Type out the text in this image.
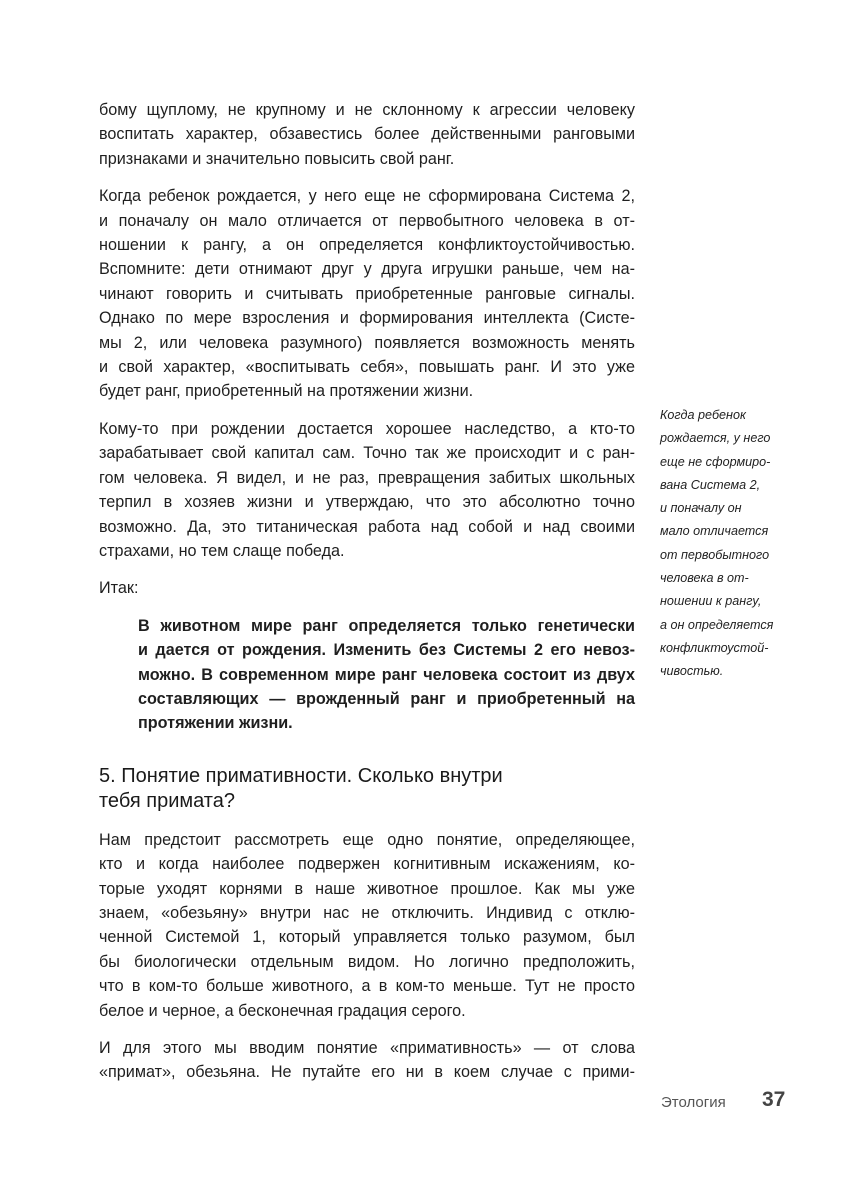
бому щуплому, не крупному и не склонному к агрессии человеку
воспитать характер, обзавестись более действенными ранговыми
признаками и значительно повысить свой ранг.

Когда ребенок рождается, у него еще не сформирована Система 2,
и поначалу он мало отличается от первобытного человека в от-
ношении к рангу, а он определяется конфликтоустойчивостью.
Вспомните: дети отнимают друг у друга игрушки раньше, чем на-
чинают говорить и считывать приобретенные ранговые сигналы.
Однако по мере взросления и формирования интеллекта (Систе-
мы 2, или человека разумного) появляется возможность менять
и свой характер, «воспитывать себя», повышать ранг. И это уже
будет ранг, приобретенный на протяжении жизни.

Кому-то при рождении достается хорошее наследство, а кто-то
зарабатывает свой капитал сам. Точно так же происходит и с ран-
гом человека. Я видел, и не раз, превращения забитых школьных
терпил в хозяев жизни и утверждаю, что это абсолютно точно
возможно. Да, это титаническая работа над собой и над своими
страхами, но тем слаще победа.

Итак:

В животном мире ранг определяется только генетически
и дается от рождения. Изменить без Системы 2 его невоз-
можно. В современном мире ранг человека состоит из двух
составляющих — врожденный ранг и приобретенный на
протяжении жизни.
5. Понятие примативности. Сколько внутри
тебя примата?

Нам предстоит рассмотреть еще одно понятие, определяющее,
кто и когда наиболее подвержен когнитивным искажениям, ко-
торые уходят корнями в наше животное прошлое. Как мы уже
знаем, «обезьяну» внутри нас не отключить. Индивид с отклю-
ченной Системой 1, который управляется только разумом, был
бы биологически отдельным видом. Но логично предположить,
что в ком-то больше животного, а в ком-то меньше. Тут не просто
белое и черное, а бесконечная градация серого.

И для этого мы вводим понятие «примативность» — от слова
«примат», обезьяна. Не путайте его ни в коем случае с прими-

Когда ребенок
рождается, у него
еще не сформиро-
вана Система 2,
и поначалу он
мало отличается
от первобытного
человека в от-
ношении к рангу,
а он определяется
конфликтоустой-
чивостью.
Этология 37
